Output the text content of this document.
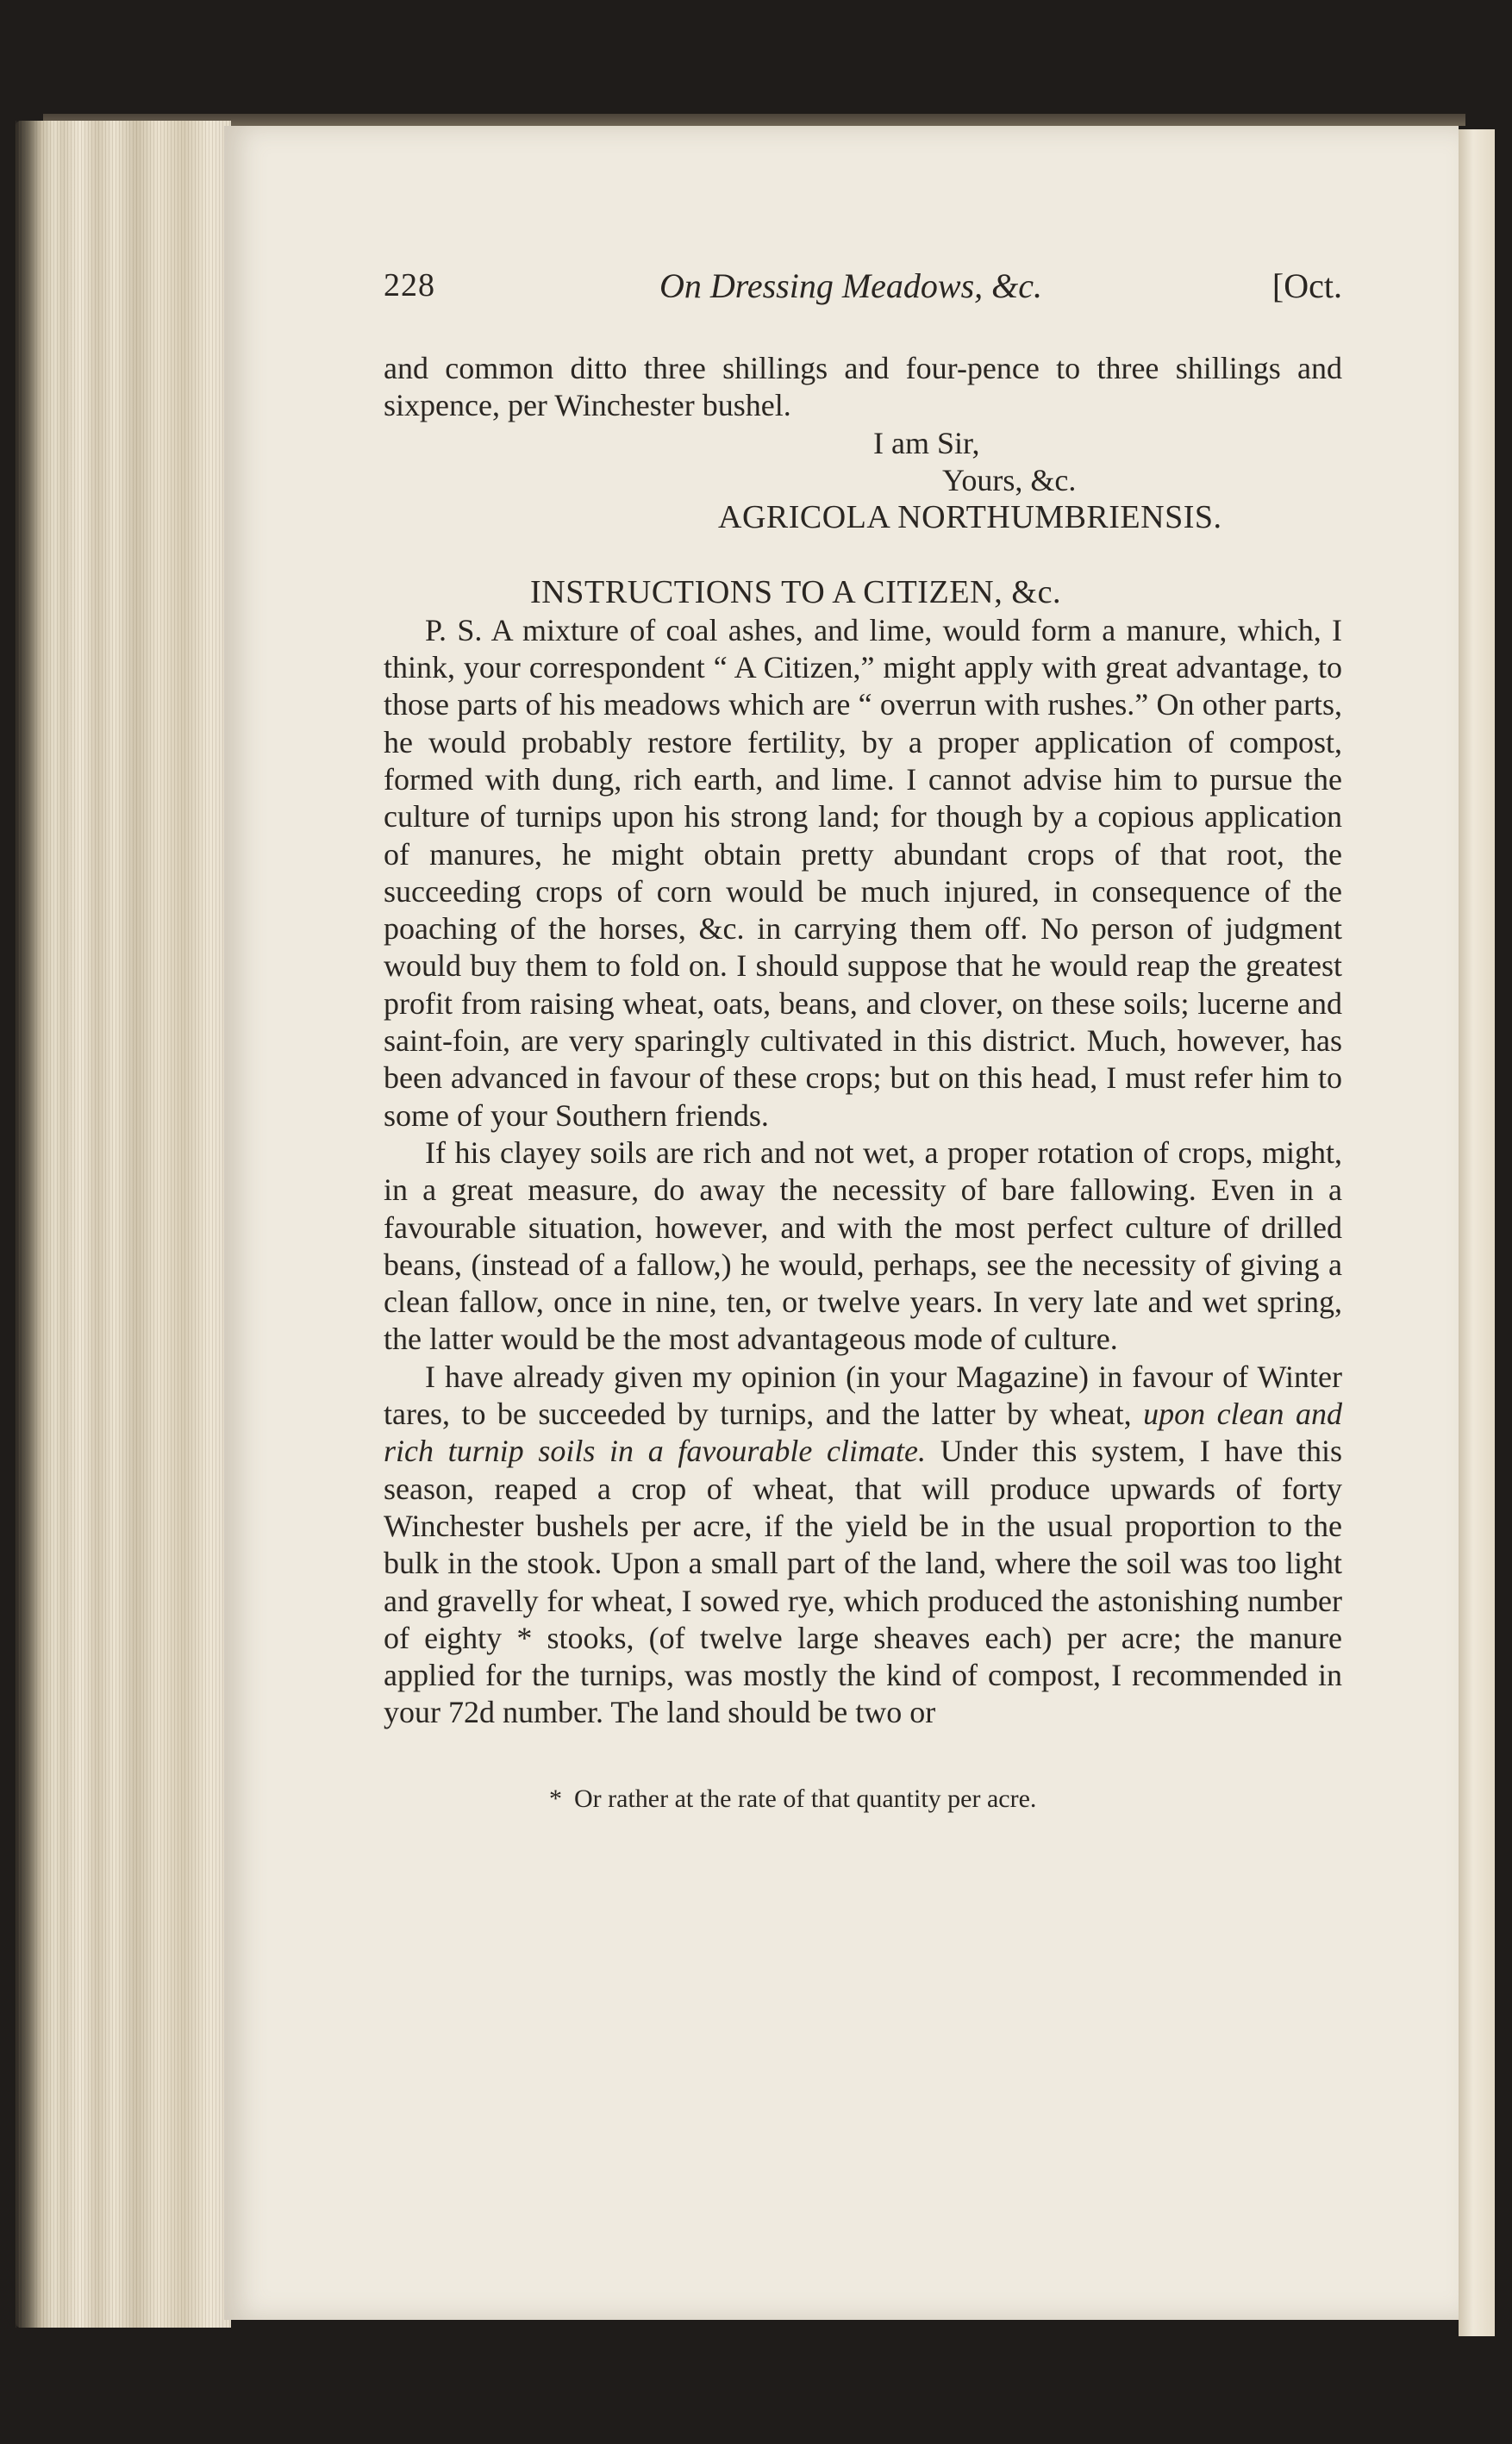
228	On Dressing Meadows, &c.	[Oct.

and common ditto three shillings and four-pence to three shillings and sixpence, per Winchester bushel.

I am Sir,
Yours, &c.
AGRICOLA NORTHUMBRIENSIS.
INSTRUCTIONS TO A CITIZEN, &c.

P. S. A mixture of coal ashes, and lime, would form a manure, which, I think, your correspondent “ A Citizen,” might apply with great advantage, to those parts of his meadows which are “ overrun with rushes.” On other parts, he would probably restore fertility, by a proper application of compost, formed with dung, rich earth, and lime. I cannot advise him to pursue the culture of turnips upon his strong land; for though by a copious application of manures, he might obtain pretty abundant crops of that root, the succeeding crops of corn would be much injured, in consequence of the poaching of the horses, &c. in carrying them off. No person of judgment would buy them to fold on. I should suppose that he would reap the greatest profit from raising wheat, oats, beans, and clover, on these soils; lucerne and saint-foin, are very sparingly cultivated in this district. Much, however, has been advanced in favour of these crops; but on this head, I must refer him to some of your Southern friends.

If his clayey soils are rich and not wet, a proper rotation of crops, might, in a great measure, do away the necessity of bare fallowing. Even in a favourable situation, however, and with the most perfect culture of drilled beans, (instead of a fallow,) he would, perhaps, see the necessity of giving a clean fallow, once in nine, ten, or twelve years. In very late and wet spring, the latter would be the most advantageous mode of culture.

I have already given my opinion (in your Magazine) in favour of Winter tares, to be succeeded by turnips, and the latter by wheat, upon clean and rich turnip soils in a favourable climate. Under this system, I have this season, reaped a crop of wheat, that will produce upwards of forty Winchester bushels per acre, if the yield be in the usual proportion to the bulk in the stook. Upon a small part of the land, where the soil was too light and gravelly for wheat, I sowed rye, which produced the astonishing number of eighty * stooks, (of twelve large sheaves each) per acre; the manure applied for the turnips, was mostly the kind of compost, I recommended in your 72d number. The land should be two or

* Or rather at the rate of that quantity per acre.
